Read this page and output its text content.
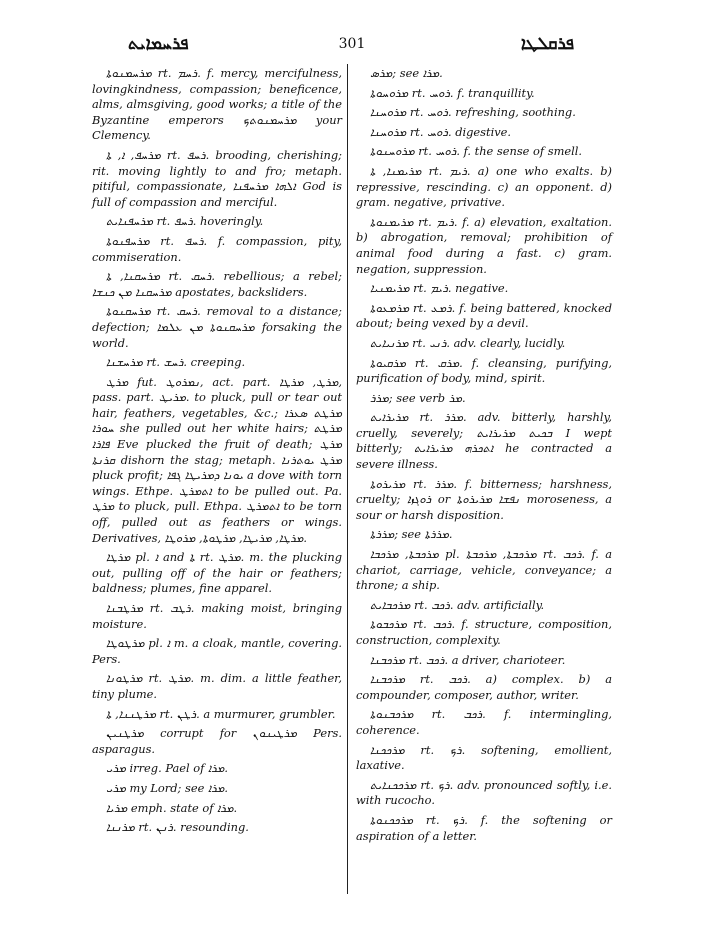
ܦܪܚܡܐܝܬ	301	ܦܪܩܠܛܐ

ܡܪܚܡܢܘܬܐ rt. ܪܚܡ. f. mercy, mercifulness, lovingkindness, compassion; beneficence, alms, almsgiving, good works; a title of the Byzantine emperors ܡܪܚܡܢܘܬܟ your Clemency.

ܡܪܚܦ, ܐ, ܬܐ rt. ܪܚܦ. brooding, cherishing; rit. moving lightly to and fro; metaph. pitiful, compassionate, ܐܠܗܐ ܡܪܚܦܢܐ God is full of compassion and merciful.

ܡܪܚܦܢܐܝܬ rt. ܪܚܦ. hoveringly.

ܡܪܚܦܢܘܬܐ rt. ܪܚܦ. f. compassion, pity, commiseration.

ܡܪܚܩܢܐ, ܬܐ rt. ܪܚܩ. rebellious; a rebel; ܡܪܚܩܢܐ ܡܢ ܟܢܫܐ apostates, backsliders.

ܡܪܚܩܢܘܬܐ rt. ܪܚܩ. removal to a distance; defection; ܡܪܚܩܢܘܬܐ ܡܢ ܥܠܡܐ forsaking the world.

ܡܪܚܫܢܐ rt. ܪܚܫ. creeping.

ܡܪܛ fut. ܢܡܪܘܛ, act. part. ܡܪܛ, ܡܪܛܐ, pass. part. ܡܪܝܛ. to pluck, pull or tear out hair, feathers, vegetables, &c.; ܡܪܛܬ ܣܥܪܐ ܚܘܪܐ she pulled out her white hairs; ܡܪܛܬ ܦܐܪܐ Eve plucked the fruit of death; ܡܪܛ ܩܪܢܬܐ dishorn the stag; metaph. ܡܪܛ ܝܘܬܪܢܐ pluck profit; ܝܘܢܐ ܕܡܪܝܛܐ ܓܦܐ a dove with torn wings. Ethpe. ܐܬܡܪܛ to be pulled out. Pa. ܡܪܛ to pluck, pull. Ethpa. ܐܬܡܪܛ to be torn off, pulled out as feathers or wings. Derivatives, ܡܪܛܐ, ܡܪܝܛܐ, ܡܪܛܘܬܐ, ܡܪܘܛܐ.

ܡܪܛܐ pl. ܐ and ܬܐ rt. ܡܪܛ. m. the plucking out, pulling off of the hair or feathers; baldness; plumes, fine apparel.

ܡܪܛܒܢܐ rt. ܪܛܒ. making moist, bringing moisture.

ܡܪܛܘܛܐ pl. ܐ m. a cloak, mantle, covering. Pers.

ܡܪܛܘܢܐ rt. ܡܪܛ. m. dim. a little feather, tiny plume.

ܡܪܛܢܢܐ, ܬܐ rt. ܪܛܢ. a murmurer, grumbler.

ܡܪܛܢܝܢ corrupt for ܡܪܛܝܢܘܢ Pers. asparagus.

ܡܪܝ irreg. Pael of ܡܪܐ.

ܡܪܝ my Lord; see ܡܪܐ.

ܡܪܝܐ emph. state of ܡܪܐ.

ܡܪܢܢܐ rt. ܪܢܢ. resounding.

ܡܪܣ; see ܡܪܐ.

ܡܪܘܚܘܬܐ rt. ܪܘܚ. f. tranquillity.

ܡܪܘܚܢܐ rt. ܪܘܚ. refreshing, soothing.

ܡܪܘܚܢܐ rt. ܪܘܚ. digestive.

ܡܪܘܚܢܘܬܐ rt. ܪܘܚ. f. the sense of smell.

ܡܪܝܡܢܐ, ܬܐ rt. ܪܝܡ. a) one who exalts. b) repressive, rescinding. c) an opponent. d) gram. negative, privative.

ܡܪܝܡܢܘܬܐ rt. ܪܝܡ. f. a) elevation, exaltation. b) abrogation, removal; prohibition of animal food during a fast. c) gram. negation, suppression.

ܡܪܝܡܢܝܐ rt. ܪܝܡ. negative.

ܡܪܡܥܘܬܐ rt. ܪܡܥ. f. being battered, knocked about; being vexed by a devil.

ܡܪܢܝܐܝܬ rt. ܪܢܝ. adv. clearly, lucidly.

ܡܪܩܝܘܬܐ rt. ܡܪܩ. f. cleansing, purifying, purification of body, mind, spirit.

ܡܪܪ; see verb ܡܪ.

ܡܪܝܪܐܝܬ rt. ܡܪܪ. adv. bitterly, harshly, cruelly, severely; ܒܟܝܬ ܡܪܝܪܐܝܬ I wept bitterly; ܐܬܟܪܗ ܡܪܝܪܐܝܬ he contracted a severe illness.

ܡܪܝܪܘܬܐ rt. ܡܪܪ. f. bitterness; harshness, cruelty; ܪܘܓܙܐ or ܢܦܫܐ ܡܪܝܪܘܬܐ moroseness, a sour or harsh disposition.

ܡܪܪܬܐ; see ܡܪܪܬܐ.

ܡܪܟܒܬܐ, ܡܪܟܒܐ pl. ܡܪܟܒܬܐ, ܡܪܟܒܬܐ rt. ܪܟܒ. f. a chariot, carriage, vehicle, conveyance; a throne; a ship.

ܡܪܟܒܐܝܬ rt. ܪܟܒ. adv. artificially.

ܡܪܟܒܘܬܐ rt. ܪܟܒ. f. structure, composition, construction, complexity.

ܡܪܟܒܢܐ rt. ܪܟܒ. a driver, charioteer.

ܡܪܟܒܢܐ rt. ܪܟܒ. a) complex. b) a compounder, composer, author, writer.

ܡܪܟܒܢܘܬܐ rt. ܪܟܒ. f. intermingling, coherence.

ܡܪܟܟܢܐ rt. ܪܟ. softening, emollient, laxative.

ܡܪܟܟܢܐܝܬ rt. ܪܟ. adv. pronounced softly, i.e. with rucocho.

ܡܪܟܟܢܘܬܐ rt. ܪܟ. f. the softening or aspiration of a letter.
